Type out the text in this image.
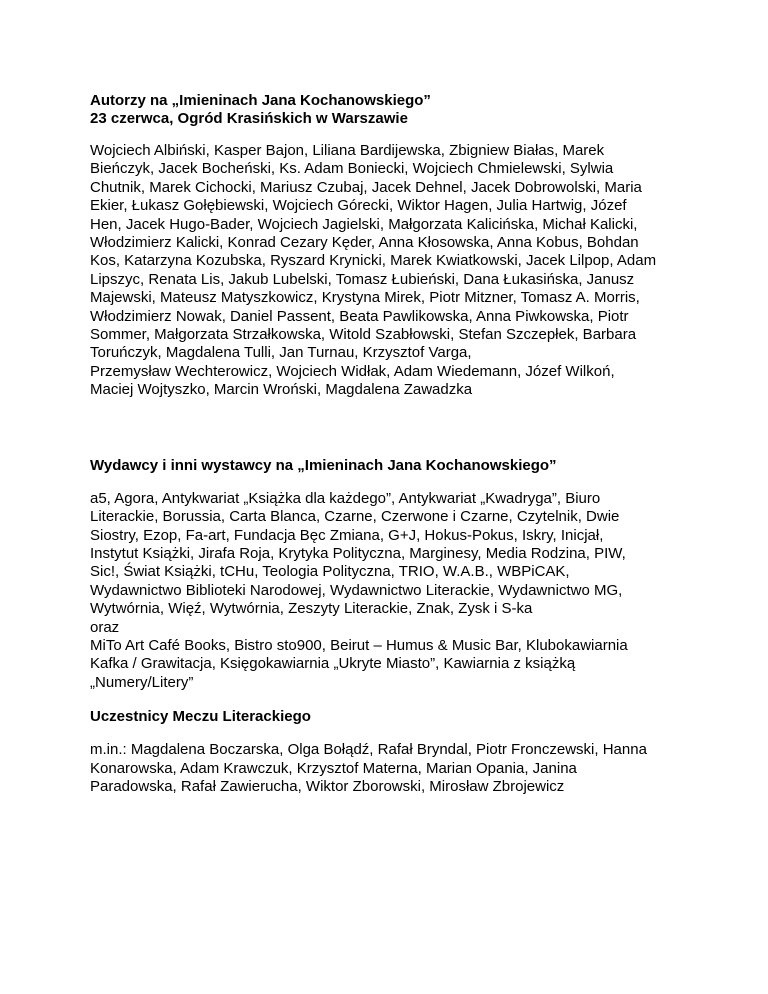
Autorzy na „Imieninach Jana Kochanowskiego”

23 czerwca, Ogród Krasińskich w Warszawie

Wojciech Albiński, Kasper Bajon, Liliana Bardijewska, Zbigniew Białas, Marek
Bieńczyk, Jacek Bocheński, Ks. Adam Boniecki, Wojciech Chmielewski, Sylwia
Chutnik, Marek Cichocki, Mariusz Czubaj, Jacek Dehnel, Jacek Dobrowolski, Maria
Ekier, Łukasz Gołębiewski, Wojciech Górecki, Wiktor Hagen, Julia Hartwig, Józef
Hen, Jacek Hugo-Bader, Wojciech Jagielski, Małgorzata Kalicińska, Michał Kalicki,
Włodzimierz Kalicki, Konrad Cezary Kęder, Anna Kłosowska, Anna Kobus, Bohdan
Kos, Katarzyna Kozubska, Ryszard Krynicki, Marek Kwiatkowski, Jacek Lilpop, Adam
Lipszyc, Renata Lis, Jakub Lubelski, Tomasz Łubieński, Dana Łukasińska, Janusz
Majewski, Mateusz Matyszkowicz, Krystyna Mirek, Piotr Mitzner, Tomasz A. Morris,
Włodzimierz Nowak, Daniel Passent, Beata Pawlikowska, Anna Piwkowska, Piotr
Sommer, Małgorzata Strzałkowska, Witold Szabłowski, Stefan Szczepłek, Barbara
Toruńczyk, Magdalena Tulli, Jan Turnau, Krzysztof Varga,
Przemysław Wechterowicz, Wojciech Widłak, Adam Wiedemann, Józef Wilkoń,
Maciej Wojtyszko, Marcin Wroński, Magdalena Zawadzka

Wydawcy i inni wystawcy na „Imieninach Jana Kochanowskiego”

a5, Agora, Antykwariat „Książka dla każdego”, Antykwariat „Kwadryga”, Biuro
Literackie, Borussia, Carta Blanca, Czarne, Czerwone i Czarne, Czytelnik, Dwie
Siostry, Ezop, Fa-art, Fundacja Bęc Zmiana, G+J, Hokus-Pokus, Iskry, Inicjał,
Instytut Książki, Jirafa Roja, Krytyka Polityczna, Marginesy, Media Rodzina, PIW,
Sic!, Świat Książki, tCHu, Teologia Polityczna, TRIO, W.A.B., WBPiCAK,
Wydawnictwo Biblioteki Narodowej, Wydawnictwo Literackie, Wydawnictwo MG,
Wytwórnia, Więź, Wytwórnia, Zeszyty Literackie, Znak, Zysk i S-ka
oraz
MiTo Art Café Books, Bistro sto900, Beirut – Humus & Music Bar, Klubokawiarnia
Kafka / Grawitacja, Księgokawiarnia „Ukryte Miasto”, Kawiarnia z książką
„Numery/Litery”

Uczestnicy Meczu Literackiego

m.in.: Magdalena Boczarska, Olga Bołądź, Rafał Bryndal, Piotr Fronczewski, Hanna
Konarowska, Adam Krawczuk, Krzysztof Materna, Marian Opania, Janina
Paradowska, Rafał Zawierucha, Wiktor Zborowski, Mirosław Zbrojewicz
